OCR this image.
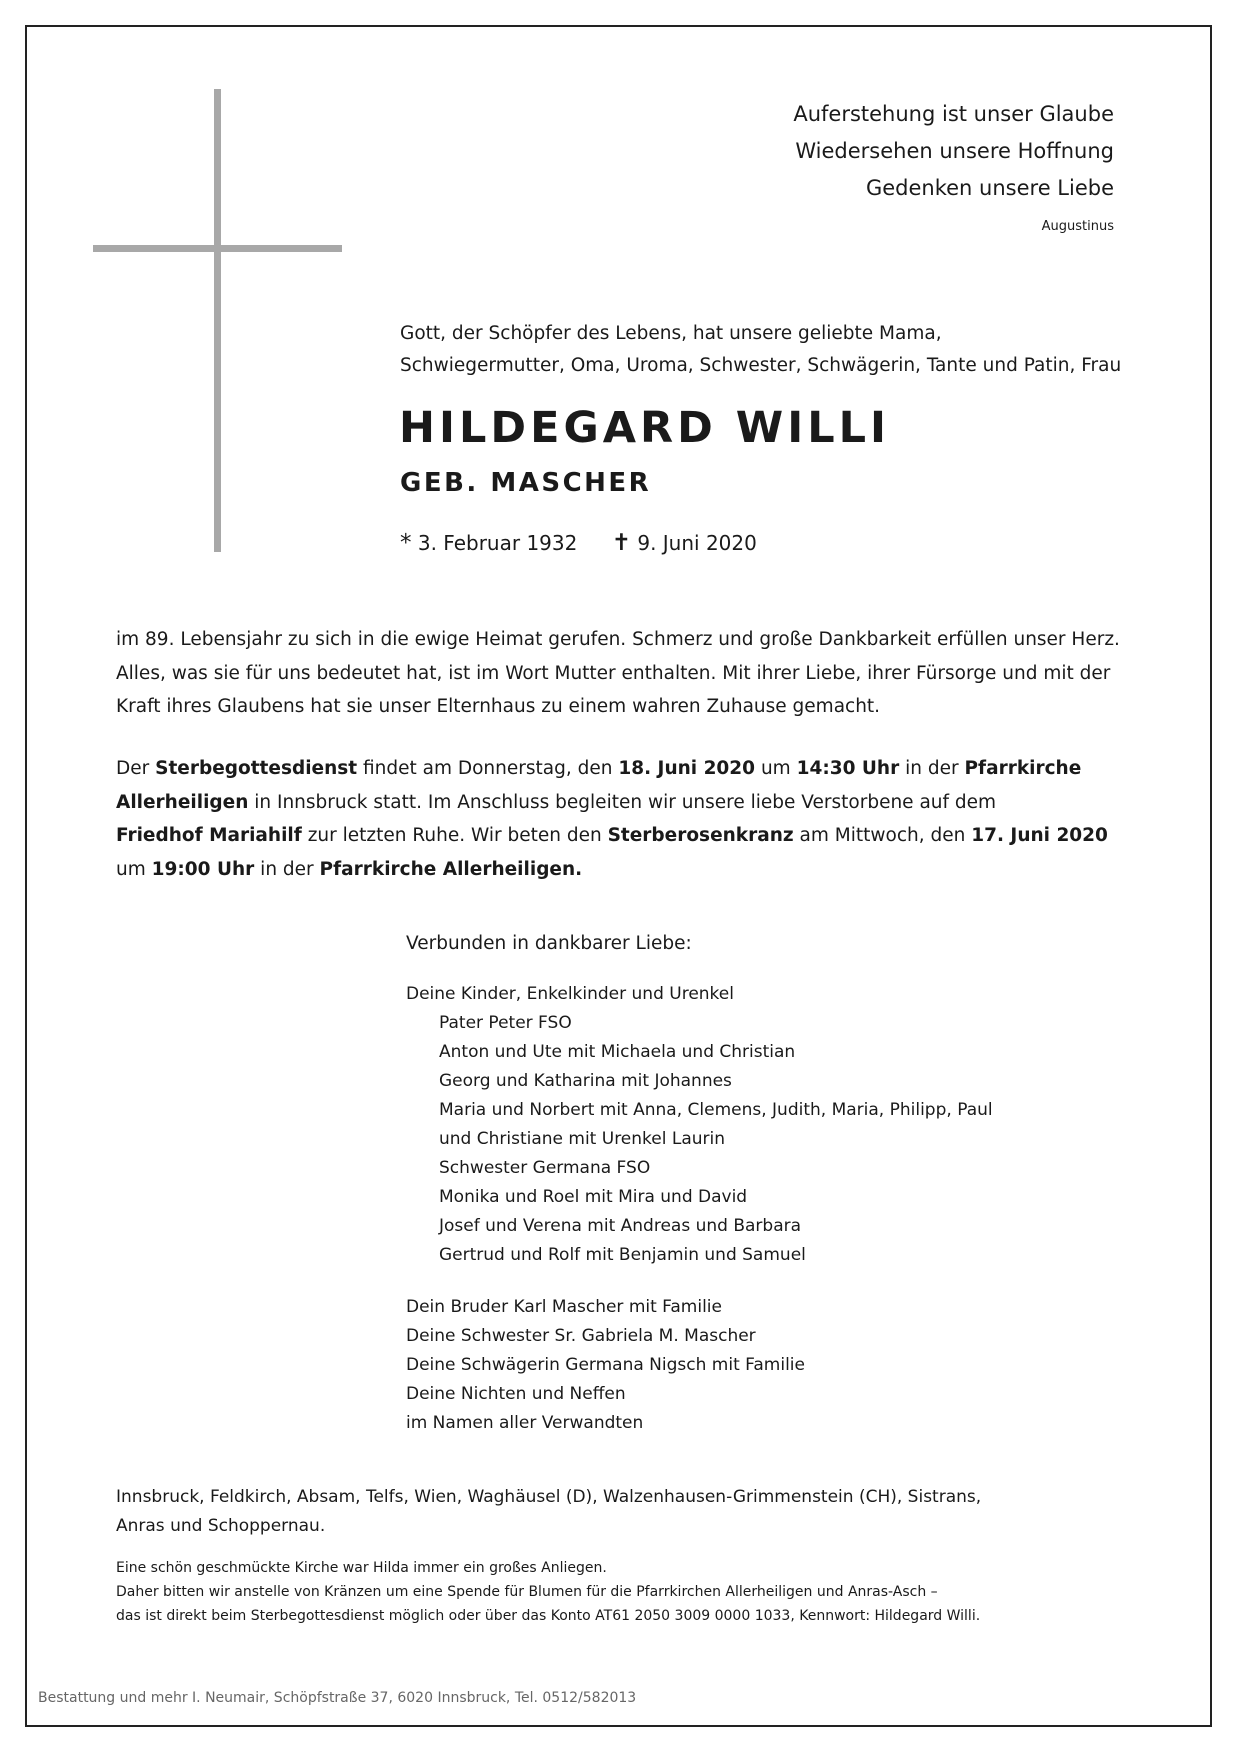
Auferstehung ist unser Glaube
Wiedersehen unsere Hoffnung
Gedenken unsere Liebe
Augustinus
Gott, der Schöpfer des Lebens, hat unsere geliebte Mama,
Schwiegermutter, Oma, Uroma, Schwester, Schwägerin, Tante und Patin, Frau
HILDEGARD WILLI
GEB. MASCHER
* 3. Februar 1932 ✝ 9. Juni 2020

im 89. Lebensjahr zu sich in die ewige Heimat gerufen. Schmerz und große Dankbarkeit erfüllen unser Herz.

Alles, was sie für uns bedeutet hat, ist im Wort Mutter enthalten. Mit ihrer Liebe, ihrer Fürsorge und mit der

Kraft ihres Glaubens hat sie unser Elternhaus zu einem wahren Zuhause gemacht.

Der Sterbegottesdienst findet am Donnerstag, den 18. Juni 2020 um 14:30 Uhr in der Pfarrkirche

Allerheiligen in Innsbruck statt. Im Anschluss begleiten wir unsere liebe Verstorbene auf dem

Friedhof Mariahilf zur letzten Ruhe. Wir beten den Sterberosenkranz am Mittwoch, den 17. Juni 2020

um 19:00 Uhr in der Pfarrkirche Allerheiligen.

Verbunden in dankbarer Liebe:

Deine Kinder, Enkelkinder und Urenkel

Pater Peter FSO

Anton und Ute mit Michaela und Christian

Georg und Katharina mit Johannes

Maria und Norbert mit Anna, Clemens, Judith, Maria, Philipp, Paul

und Christiane mit Urenkel Laurin

Schwester Germana FSO

Monika und Roel mit Mira und David

Josef und Verena mit Andreas und Barbara

Gertrud und Rolf mit Benjamin und Samuel

Dein Bruder Karl Mascher mit Familie

Deine Schwester Sr. Gabriela M. Mascher

Deine Schwägerin Germana Nigsch mit Familie

Deine Nichten und Neffen

im Namen aller Verwandten

Innsbruck, Feldkirch, Absam, Telfs, Wien, Waghäusel (D), Walzenhausen-Grimmenstein (CH), Sistrans,

Anras und Schoppernau.

Eine schön geschmückte Kirche war Hilda immer ein großes Anliegen.

Daher bitten wir anstelle von Kränzen um eine Spende für Blumen für die Pfarrkirchen Allerheiligen und Anras-Asch –

das ist direkt beim Sterbegottesdienst möglich oder über das Konto AT61 2050 3009 0000 1033, Kennwort: Hildegard Willi.

Bestattung und mehr I. Neumair, Schöpfstraße 37, 6020 Innsbruck, Tel. 0512/582013
